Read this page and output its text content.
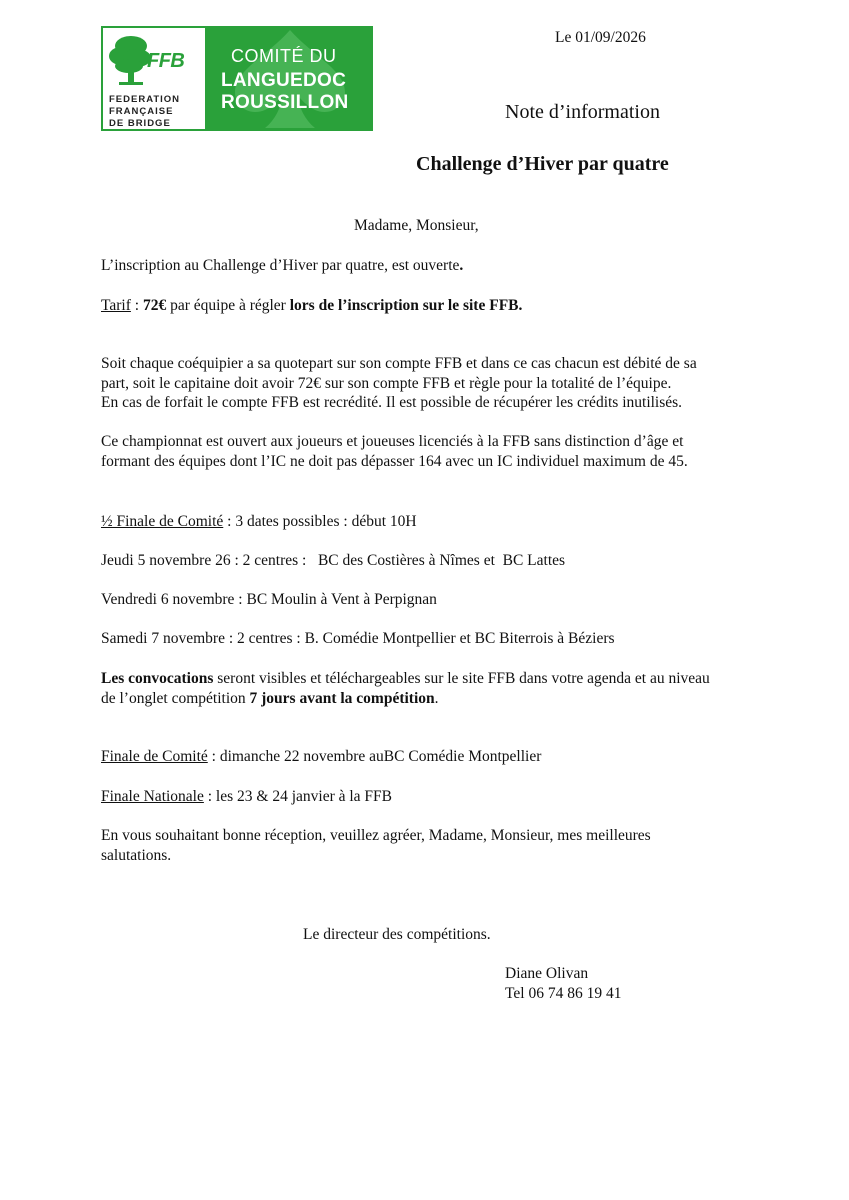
FFB
FEDERATION
FRANÇAISE
DE BRIDGE
COMITÉ DU
LANGUEDOC
ROUSSILLON
Le 01/09/2026
Note d’information
Challenge d’Hiver par quatre
Madame, Monsieur,
L’inscription au Challenge d’Hiver par quatre, est ouverte.
Tarif : 72€ par équipe à régler lors de l’inscription sur le site FFB.
Soit chaque coéquipier a sa quotepart sur son compte FFB et dans ce cas chacun est débité de sa
part, soit le capitaine doit avoir 72€ sur son compte FFB et règle pour la totalité de l’équipe.
En cas de forfait le compte FFB est recrédité. Il est possible de récupérer les crédits inutilisés.
Ce championnat est ouvert aux joueurs et joueuses licenciés à la FFB sans distinction d’âge et
formant des équipes dont l’IC ne doit pas dépasser 164 avec un IC individuel maximum de 45.
½ Finale de Comité : 3 dates possibles : début 10H
Jeudi 5 novembre 26 : 2 centres :   BC des Costières à Nîmes et  BC Lattes
Vendredi 6 novembre : BC Moulin à Vent à Perpignan
Samedi 7 novembre : 2 centres : B. Comédie Montpellier et BC Biterrois à Béziers
Les convocations seront visibles et téléchargeables sur le site FFB dans votre agenda et au niveau
de l’onglet compétition 7 jours avant la compétition.
Finale de Comité : dimanche 22 novembre auBC Comédie Montpellier
Finale Nationale : les 23 & 24 janvier à la FFB
En vous souhaitant bonne réception, veuillez agréer, Madame, Monsieur, mes meilleures
salutations.
Le directeur des compétitions.
Diane Olivan
Tel 06 74 86 19 41
